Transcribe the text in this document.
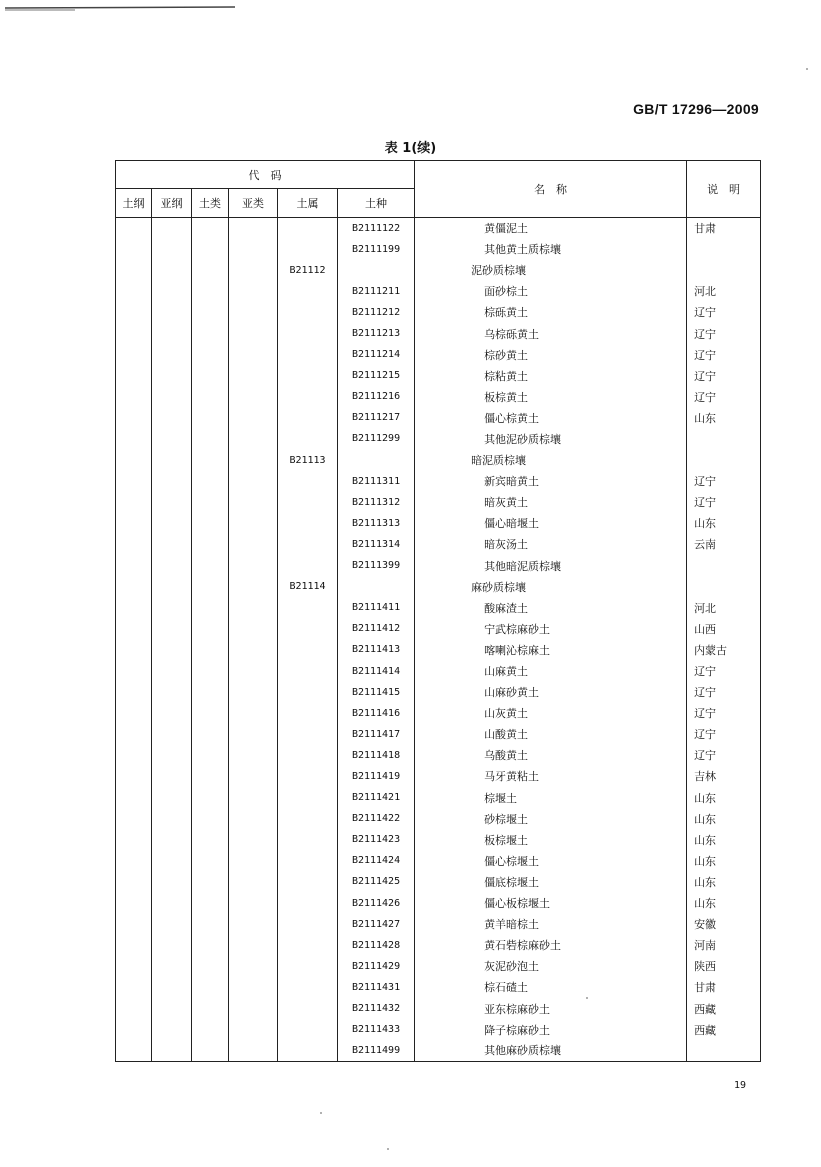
GB/T 17296—2009
表 1(续)
代　码						名　称	说　明
土纲	亚纲	土类	亚类	土属	土种		
					B2111122	黄僵泥土	甘肃
					B2111199	其他黄土质棕壤	
				B21112		泥砂质棕壤	
					B2111211	面砂棕土	河北
					B2111212	棕砾黄土	辽宁
					B2111213	乌棕砾黄土	辽宁
					B2111214	棕砂黄土	辽宁
					B2111215	棕粘黄土	辽宁
					B2111216	板棕黄土	辽宁
					B2111217	僵心棕黄土	山东
					B2111299	其他泥砂质棕壤	
				B21113		暗泥质棕壤	
					B2111311	新宾暗黄土	辽宁
					B2111312	暗灰黄土	辽宁
					B2111313	僵心暗堰土	山东
					B2111314	暗灰汤土	云南
					B2111399	其他暗泥质棕壤	
				B21114		麻砂质棕壤	
					B2111411	酸麻渣土	河北
					B2111412	宁武棕麻砂土	山西
					B2111413	喀喇沁棕麻土	内蒙古
					B2111414	山麻黄土	辽宁
					B2111415	山麻砂黄土	辽宁
					B2111416	山灰黄土	辽宁
					B2111417	山酸黄土	辽宁
					B2111418	乌酸黄土	辽宁
					B2111419	马牙黄粘土	吉林
					B2111421	棕堰土	山东
					B2111422	砂棕堰土	山东
					B2111423	板棕堰土	山东
					B2111424	僵心棕堰土	山东
					B2111425	僵底棕堰土	山东
					B2111426	僵心板棕堰土	山东
					B2111427	黄羊暗棕土	安徽
					B2111428	黄石砦棕麻砂土	河南
					B2111429	灰泥砂泡土	陕西
					B2111431	棕石碴土	甘肃
					B2111432	亚东棕麻砂土	西藏
					B2111433	降子棕麻砂土	西藏
					B2111499	其他麻砂质棕壤	
19
